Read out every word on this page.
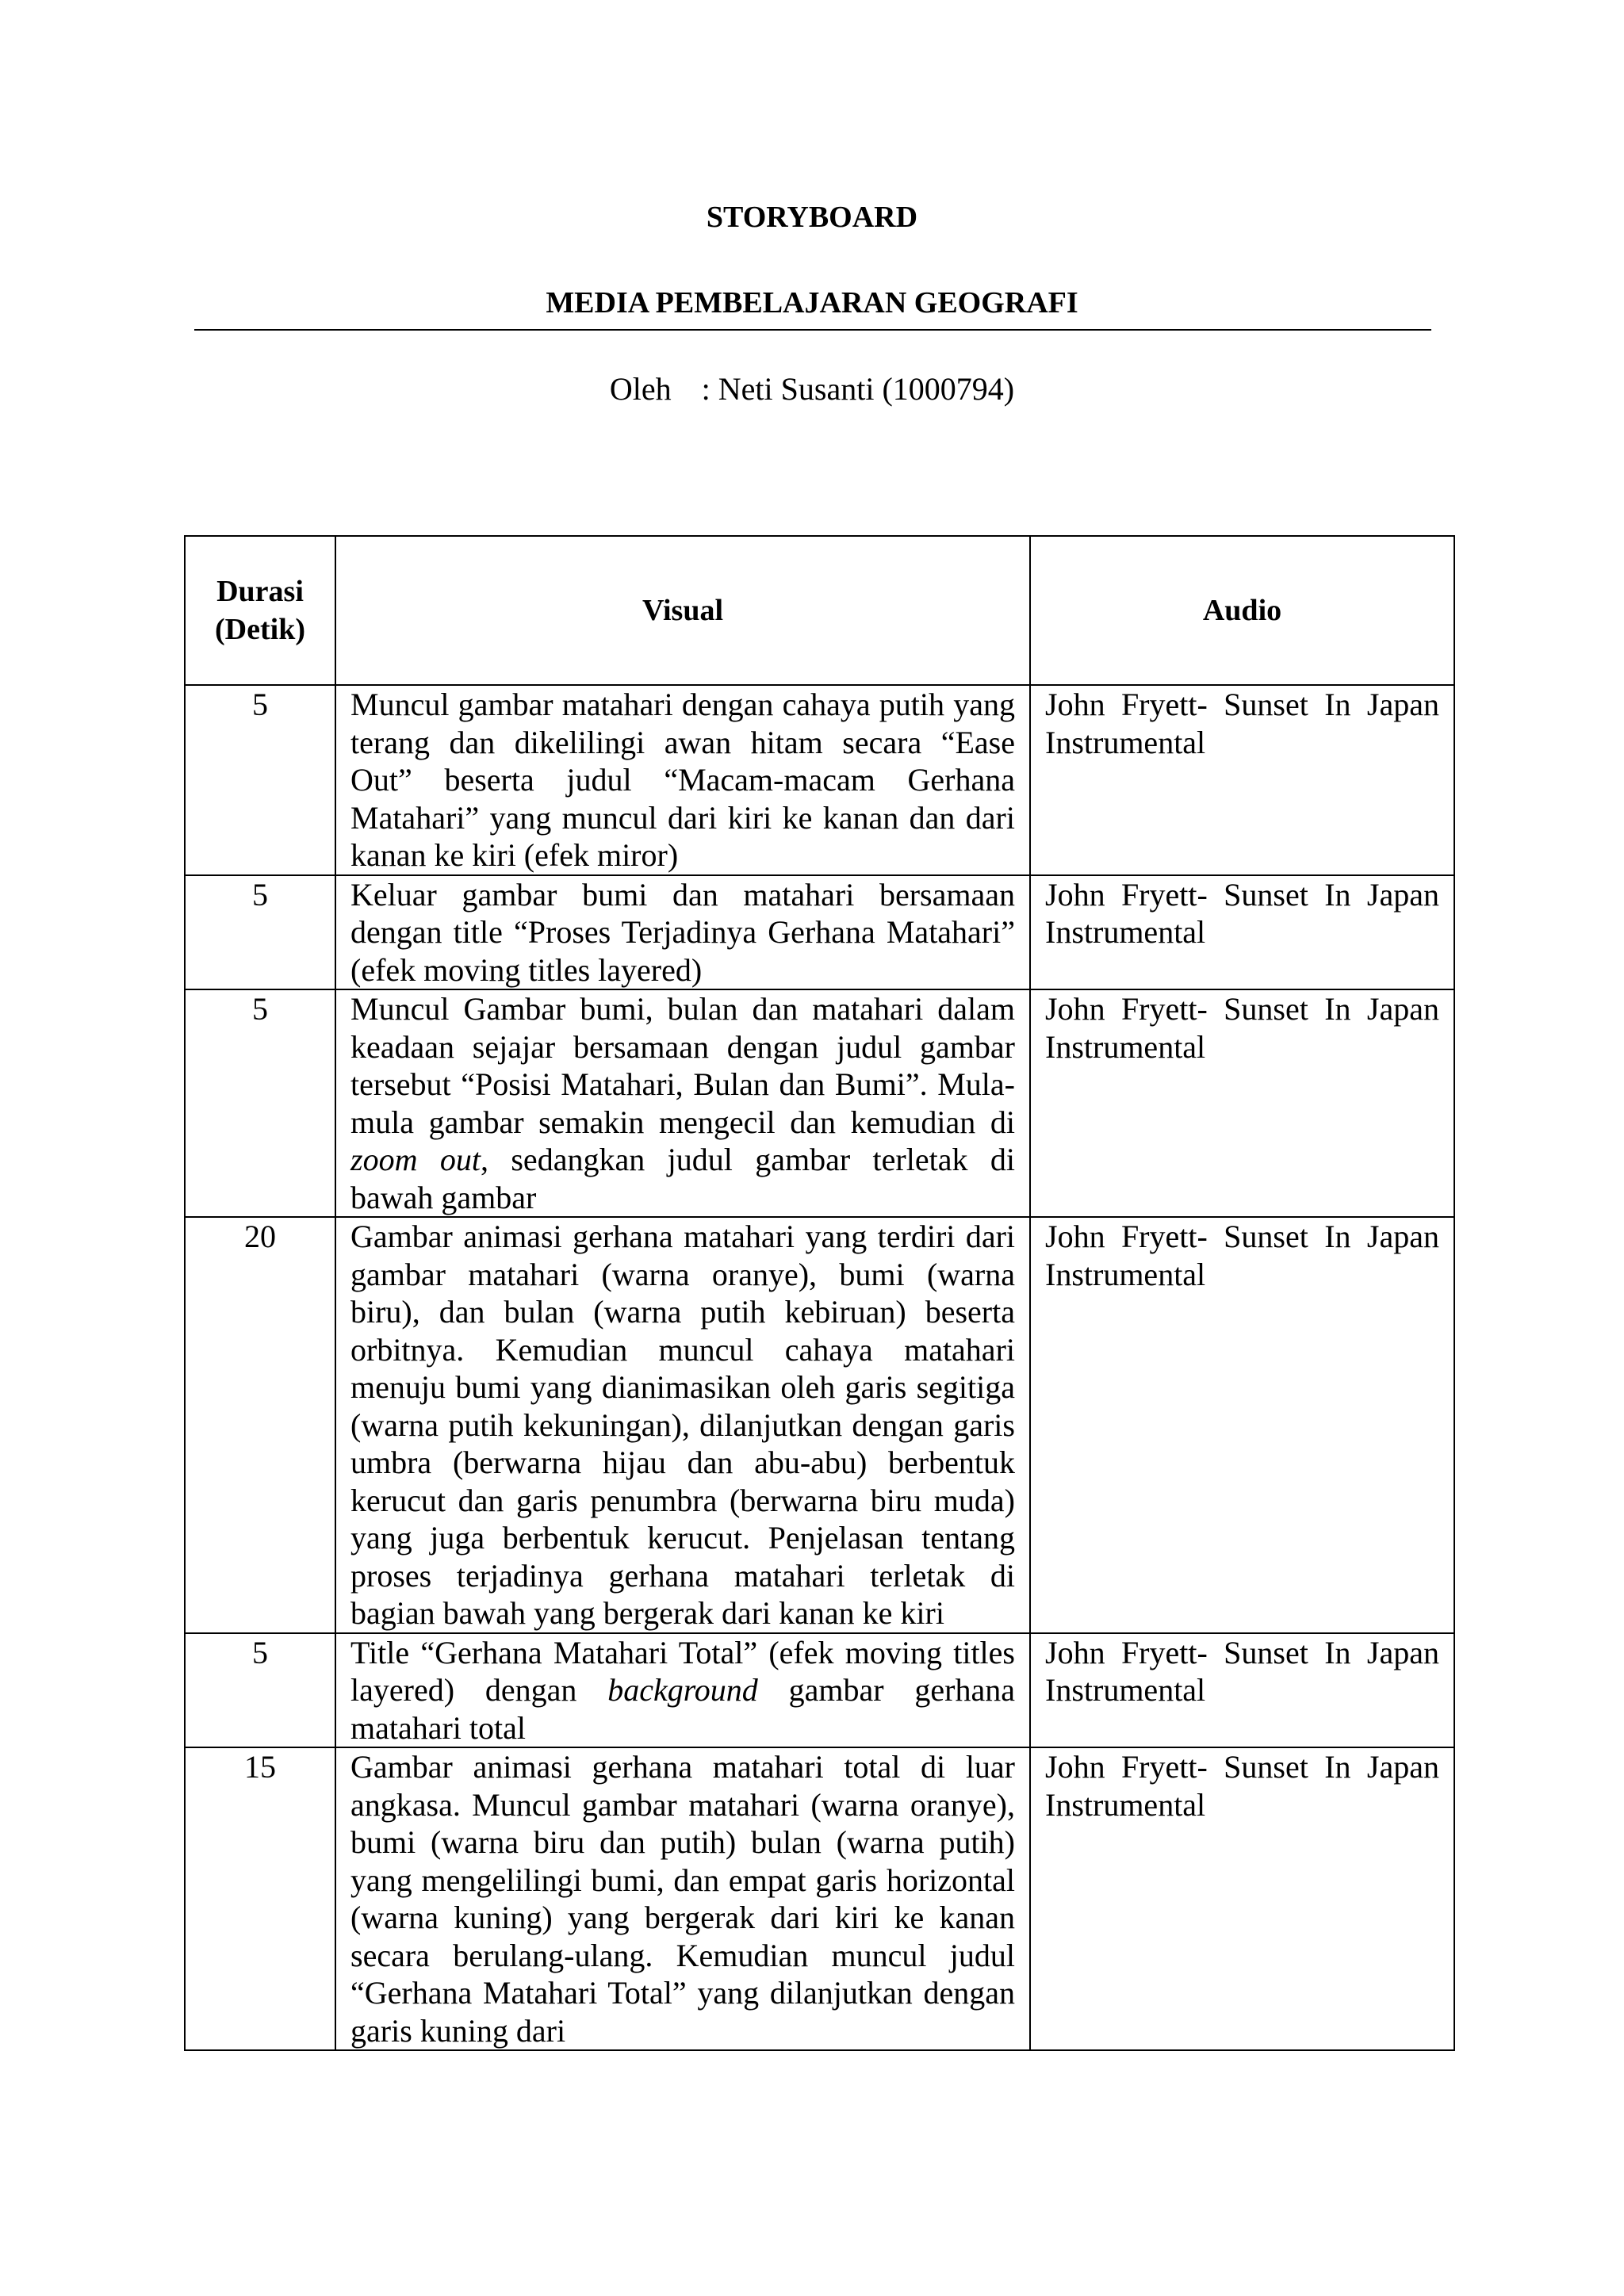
STORYBOARD
MEDIA PEMBELAJARAN GEOGRAFI
Oleh : Neti Susanti (1000794)
Durasi
(Detik)	Visual	Audio
5	Muncul gambar matahari dengan cahaya putih yang terang dan dikelilingi awan hitam secara “Ease Out” beserta judul “Macam-macam Gerhana Matahari” yang muncul dari kiri ke kanan dan dari kanan ke kiri (efek miror)	John Fryett- Sunset In Japan Instrumental
5	Keluar gambar bumi dan matahari bersamaan dengan title “Proses Terjadinya Gerhana Matahari” (efek moving titles layered)	John Fryett- Sunset In Japan Instrumental
5	Muncul Gambar bumi, bulan dan matahari dalam keadaan sejajar bersamaan dengan judul gambar tersebut “Posisi Matahari, Bulan dan Bumi”. Mula-mula gambar semakin mengecil dan kemudian di zoom out, sedangkan judul gambar terletak di bawah gambar	John Fryett- Sunset In Japan Instrumental
20	Gambar animasi gerhana matahari yang terdiri dari gambar matahari (warna oranye), bumi (warna biru), dan bulan (warna putih kebiruan) beserta orbitnya. Kemudian muncul cahaya matahari menuju bumi yang dianimasikan oleh garis segitiga (warna putih kekuningan), dilanjutkan dengan garis umbra (berwarna hijau dan abu-abu) berbentuk kerucut dan garis penumbra (berwarna biru muda) yang juga berbentuk kerucut. Penjelasan tentang proses terjadinya gerhana matahari terletak di bagian bawah yang bergerak dari kanan ke kiri	John Fryett- Sunset In Japan Instrumental
5	Title “Gerhana Matahari Total” (efek moving titles layered) dengan background gambar gerhana matahari total	John Fryett- Sunset In Japan Instrumental
15	Gambar animasi gerhana matahari total di luar angkasa. Muncul gambar matahari (warna oranye), bumi (warna biru dan putih) bulan (warna putih) yang mengelilingi bumi, dan empat garis horizontal (warna kuning) yang bergerak dari kiri ke kanan secara berulang-ulang. Kemudian muncul judul “Gerhana Matahari Total” yang dilanjutkan dengan garis kuning dari	John Fryett- Sunset In Japan Instrumental
